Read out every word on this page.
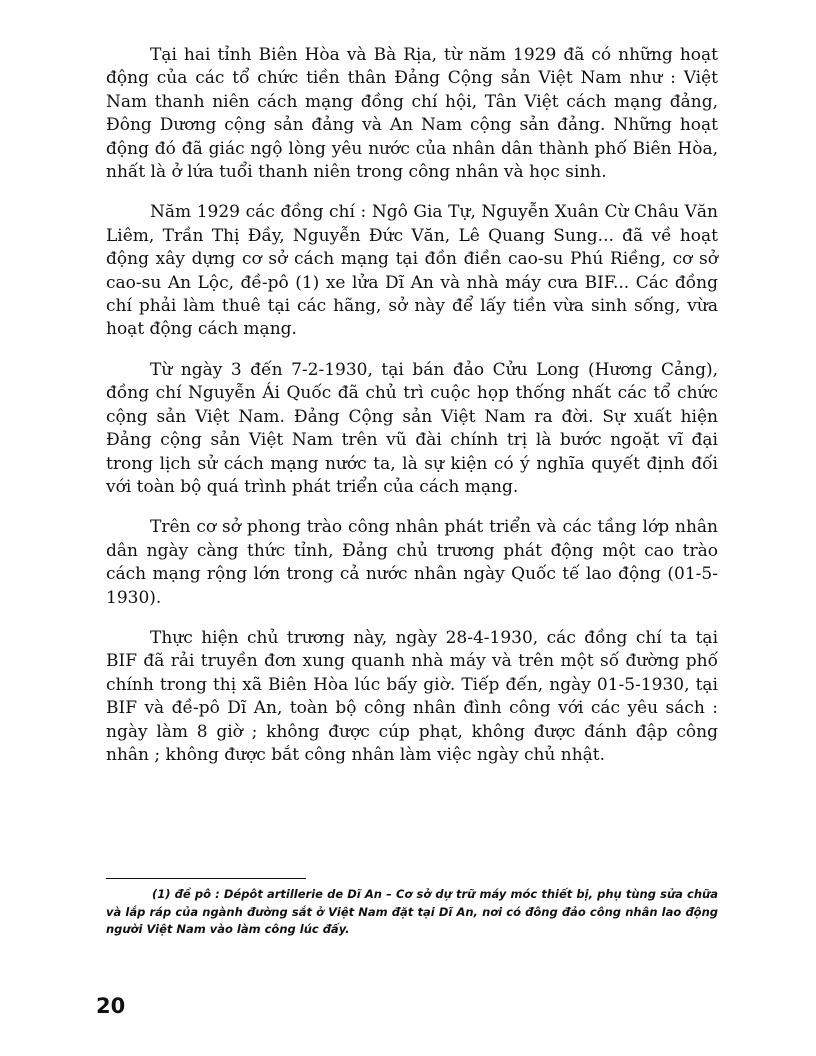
Tại hai tỉnh Biên Hòa và Bà Rịa, từ năm 1929 đã có những hoạt động của các tổ chức tiền thân Đảng Cộng sản Việt Nam như : Việt Nam thanh niên cách mạng đồng chí hội, Tân Việt cách mạng đảng, Đông Dương cộng sản đảng và An Nam cộng sản đảng. Những hoạt động đó đã giác ngộ lòng yêu nước của nhân dân thành phố Biên Hòa, nhất là ở lứa tuổi thanh niên trong công nhân và học sinh.

Năm 1929 các đồng chí : Ngô Gia Tự, Nguyễn Xuân Cừ Châu Văn Liêm, Trần Thị Đầy, Nguyễn Đức Văn, Lê Quang Sung... đã về hoạt động xây dựng cơ sở cách mạng tại đồn điền cao-su Phú Riềng, cơ sở cao-su An Lộc, đề-pô (1) xe lửa Dĩ An và nhà máy cưa BIF... Các đồng chí phải làm thuê tại các hãng, sở này để lấy tiền vừa sinh sống, vừa hoạt động cách mạng.

Từ ngày 3 đến 7-2-1930, tại bán đảo Cửu Long (Hương Cảng), đồng chí Nguyễn Ái Quốc đã chủ trì cuộc họp thống nhất các tổ chức cộng sản Việt Nam. Đảng Cộng sản Việt Nam ra đời. Sự xuất hiện Đảng cộng sản Việt Nam trên vũ đài chính trị là bước ngoặt vĩ đại trong lịch sử cách mạng nước ta, là sự kiện có ý nghĩa quyết định đối với toàn bộ quá trình phát triển của cách mạng.

Trên cơ sở phong trào công nhân phát triển và các tầng lớp nhân dân ngày càng thức tỉnh, Đảng chủ trương phát động một cao trào cách mạng rộng lớn trong cả nước nhân ngày Quốc tế lao động (01-5-1930).

Thực hiện chủ trương này, ngày 28-4-1930, các đồng chí ta tại BIF đã rải truyền đơn xung quanh nhà máy và trên một số đường phố chính trong thị xã Biên Hòa lúc bấy giờ. Tiếp đến, ngày 01-5-1930, tại BIF và đề-pô Dĩ An, toàn bộ công nhân đình công với các yêu sách : ngày làm 8 giờ ; không được cúp phạt, không được đánh đập công nhân ; không được bắt công nhân làm việc ngày chủ nhật.

(1) đề pô : Dépôt artillerie de Dĩ An – Cơ sở dự trữ máy móc thiết bị, phụ tùng sửa chữa và lắp ráp của ngành đường sắt ở Việt Nam đặt tại Dĩ An, nơi có đông đảo công nhân lao động người Việt Nam vào làm công lúc đấy.
20
